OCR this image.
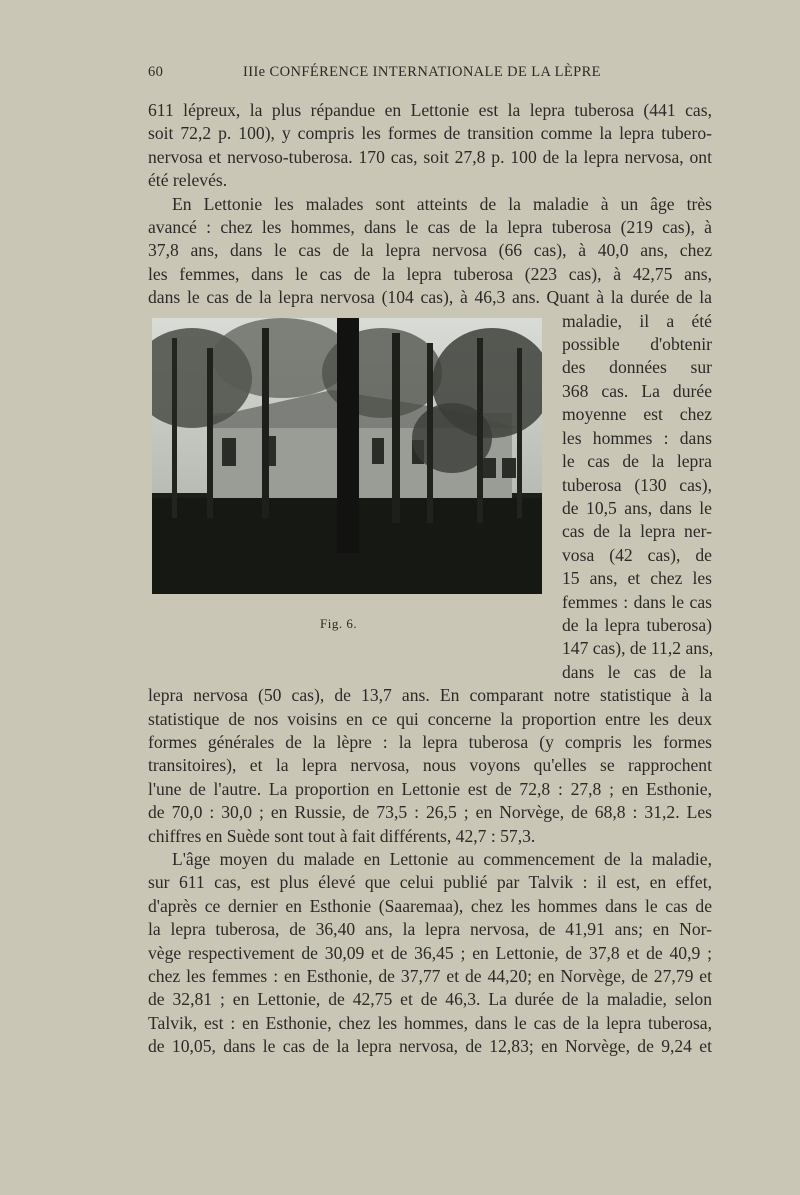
60	IIIe CONFÉRENCE INTERNATIONALE DE LA LÈPRE

611 lépreux, la plus répandue en Lettonie est la lepra tuberosa (441 cas,
soit 72,2 p. 100), y compris les formes de transition comme la lepra tubero-
nervosa et nervoso-tuberosa. 170 cas, soit 27,8 p. 100 de la lepra nervosa, ont
été relevés.

En Lettonie les malades sont atteints de la maladie à un âge très
avancé : chez les hommes, dans le cas de la lepra tuberosa (219 cas), à
37,8 ans, dans le cas de la lepra nervosa (66 cas), à 40,0 ans, chez
les femmes, dans le cas de la lepra tuberosa (223 cas), à 42,75 ans,
dans le cas de la lepra nervosa (104 cas), à 46,3 ans. Quant à la durée de la

Fig. 6.
maladie, il a été
possible d'obtenir
des données sur
368 cas. La durée
moyenne est chez
les hommes : dans
le cas de la lepra
tuberosa (130 cas),
de 10,5 ans, dans le
cas de la lepra ner-
vosa (42 cas), de
15 ans, et chez les
femmes : dans le cas
de la lepra tuberosa)
147 cas), de 11,2 ans,
dans le cas de la

lepra nervosa (50 cas), de 13,7 ans. En comparant notre statistique à la
statistique de nos voisins en ce qui concerne la proportion entre les deux
formes générales de la lèpre : la lepra tuberosa (y compris les formes
transitoires), et la lepra nervosa, nous voyons qu'elles se rapprochent
l'une de l'autre. La proportion en Lettonie est de 72,8 : 27,8 ; en Esthonie,
de 70,0 : 30,0 ; en Russie, de 73,5 : 26,5 ; en Norvège, de 68,8 : 31,2. Les
chiffres en Suède sont tout à fait différents, 42,7 : 57,3.

L'âge moyen du malade en Lettonie au commencement de la maladie,
sur 611 cas, est plus élevé que celui publié par Talvik : il est, en effet,
d'après ce dernier en Esthonie (Saaremaa), chez les hommes dans le cas de
la lepra tuberosa, de 36,40 ans, la lepra nervosa, de 41,91 ans; en Nor-
vège respectivement de 30,09 et de 36,45 ; en Lettonie, de 37,8 et de 40,9 ;
chez les femmes : en Esthonie, de 37,77 et de 44,20; en Norvège, de 27,79 et
de 32,81 ; en Lettonie, de 42,75 et de 46,3. La durée de la maladie, selon
Talvik, est : en Esthonie, chez les hommes, dans le cas de la lepra tuberosa,
de 10,05, dans le cas de la lepra nervosa, de 12,83; en Norvège, de 9,24 et
